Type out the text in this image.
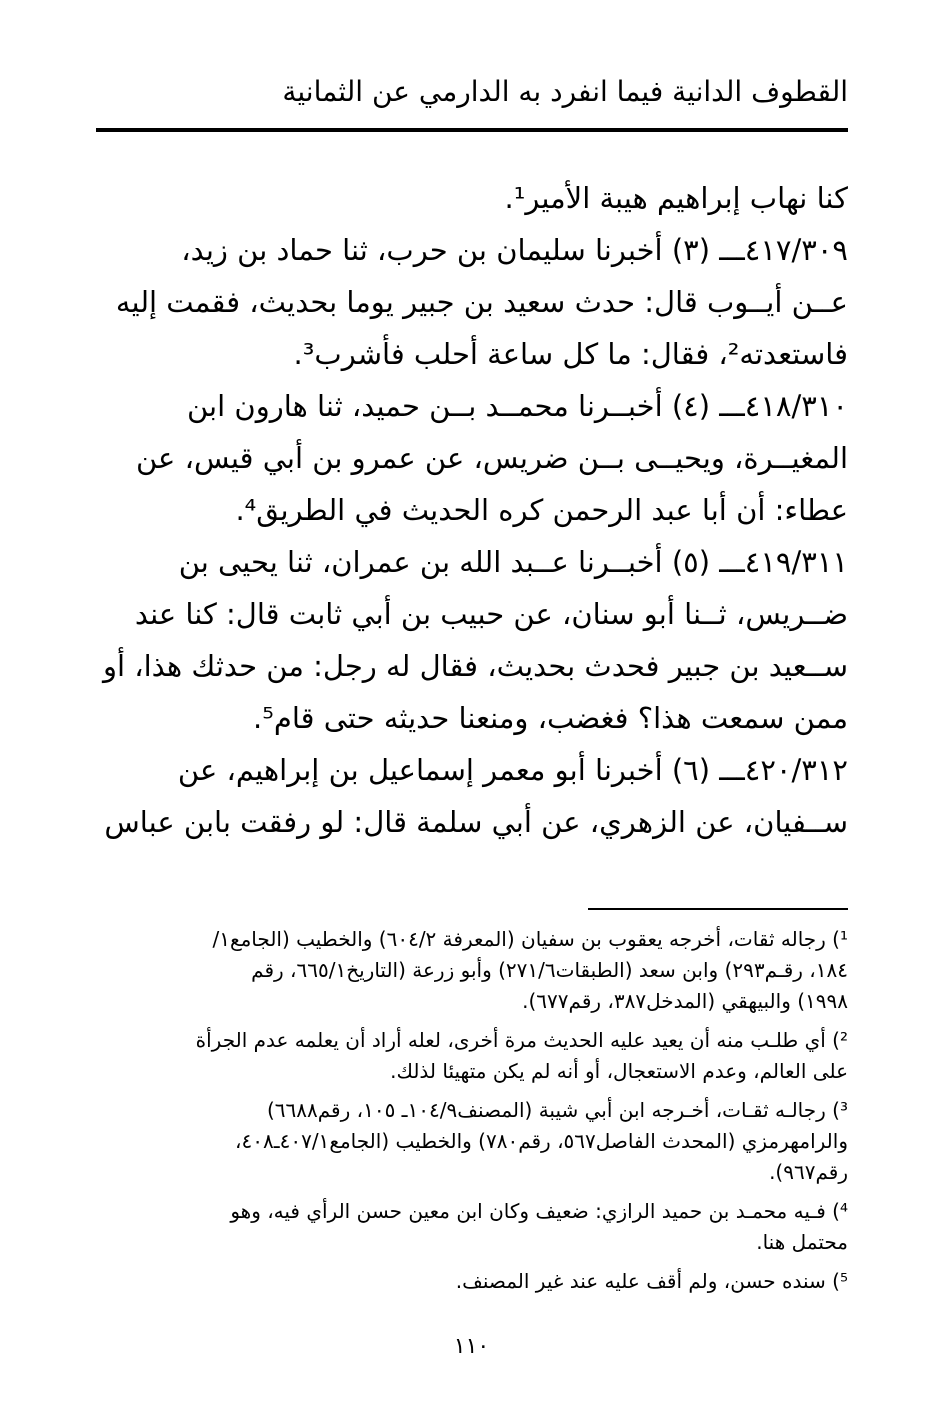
القطوف الدانية فيما انفرد به الدارمي عن الثمانية
كنا نهاب إبراهيم هيبة الأمير¹.
٤١٧/٣٠٩ـــ (٣) أخبرنا سليمان بن حرب، ثنا حماد بن زيد،
عــن أيــوب قال: حدث سعيد بن جبير يوما بحديث، فقمت إليه
فاستعدته²، فقال: ما كل ساعة أحلب فأشرب³.
٤١٨/٣١٠ـــ (٤) أخبــرنا محمــد بــن حميد، ثنا هارون ابن
المغيــرة، ويحيــى بــن ضريس، عن عمرو بن أبي قيس، عن
عطاء: أن أبا عبد الرحمن كره الحديث في الطريق⁴.
٤١٩/٣١١ـــ (٥) أخبــرنا عــبد الله بن عمران، ثنا يحيى بن
ضــريس، ثــنا أبو سنان، عن حبيب بن أبي ثابت قال: كنا عند
ســعيد بن جبير فحدث بحديث، فقال له رجل: من حدثك هذا، أو
ممن سمعت هذا؟ فغضب، ومنعنا حديثه حتى قام⁵.
٤٢٠/٣١٢ـــ (٦) أخبرنا أبو معمر إسماعيل بن إبراهيم، عن
ســفيان، عن الزهري، عن أبي سلمة قال: لو رفقت بابن عباس
¹) رجاله ثقات، أخرجه يعقوب بن سفيان (المعرفة ٦٠٤/٢) والخطيب (الجامع١/
١٨٤، رقـم٢٩٣) وابن سعد (الطبقات٢٧١/٦) وأبو زرعة (التاريخ٦٦٥/١، رقم
١٩٩٨) والبيهقي (المدخل٣٨٧، رقم٦٧٧).
²) أي طلـب منه أن يعيد عليه الحديث مرة أخرى، لعله أراد أن يعلمه عدم الجرأة
على العالم، وعدم الاستعجال، أو أنه لم يكن متهيئا لذلك.
³) رجالـه ثقـات، أخـرجه ابن أبي شيبة (المصنف١٠٤/٩ـ ١٠٥، رقم٦٦٨٨)
والرامهرمزي (المحدث الفاصل٥٦٧، رقم٧٨٠) والخطيب (الجامع٤٠٧/١ـ٤٠٨،
رقم٩٦٧).
⁴) فـيه محمـد بن حميد الرازي: ضعيف وكان ابن معين حسن الرأي فيه، وهو
محتمل هنا.
⁵) سنده حسن، ولم أقف عليه عند غير المصنف.
١١٠
